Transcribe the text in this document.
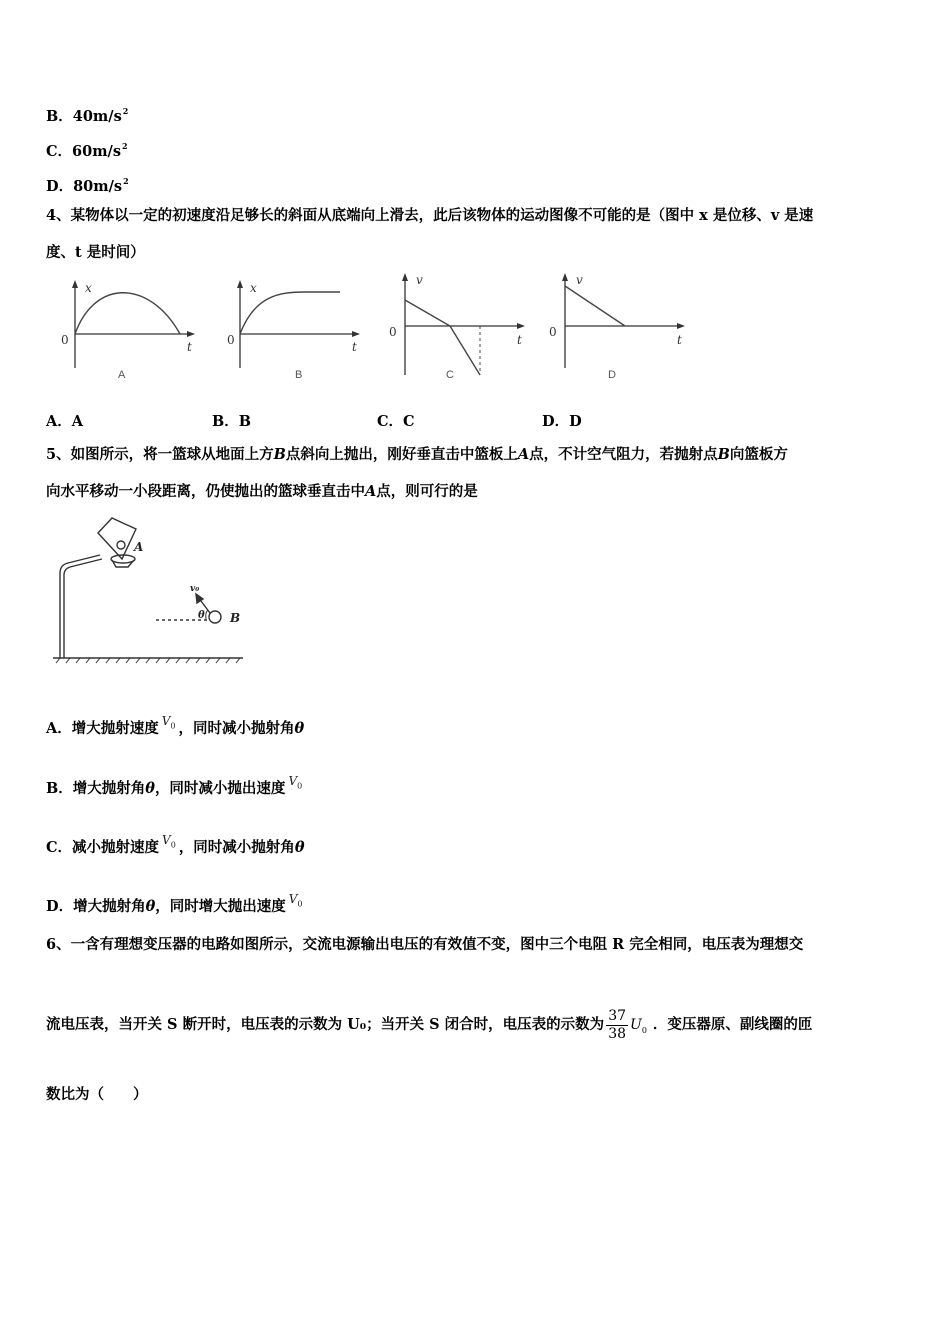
B．$40m/s^2$
C．$60m/s^2$
D．$80m/s^2$
4、某物体以一定的初速度沿足够长的斜面从底端向上滑去，此后该物体的运动图像不可能的是（图中 x 是位移、v 是速
度、t 是时间）
x
0	t
A
x
0	t
B
v
0
t
C
v
0
t
D
A．A	B．B	C．C	D．D
5、如图所示，将一篮球从地面上方B点斜向上抛出，刚好垂直击中篮板上A点，不计空气阻力，若抛射点B向篮板方
向水平移动一小段距离，仍使抛出的篮球垂直击中A点，则可行的是
A
B
v₀
θ
A．增大抛射速度 $^{V_0}$ ，同时减小抛射角θ
B．增大抛射角θ，同时减小抛出速度 $^{V_0}$
C．减小抛射速度 $^{V_0}$ ，同时减小抛射角θ
D．增大抛射角θ，同时增大抛出速度 $^{V_0}$
6、一含有理想变压器的电路如图所示，交流电源输出电压的有效值不变，图中三个电阻 R 完全相同，电压表为理想交
流电压表，当开关 S 断开时，电压表的示数为 U₀；当开关 S 闭合时，电压表的示数为 $\frac{37}{38} U_0$ ．变压器原、副线圈的匝
数比为（　　）
